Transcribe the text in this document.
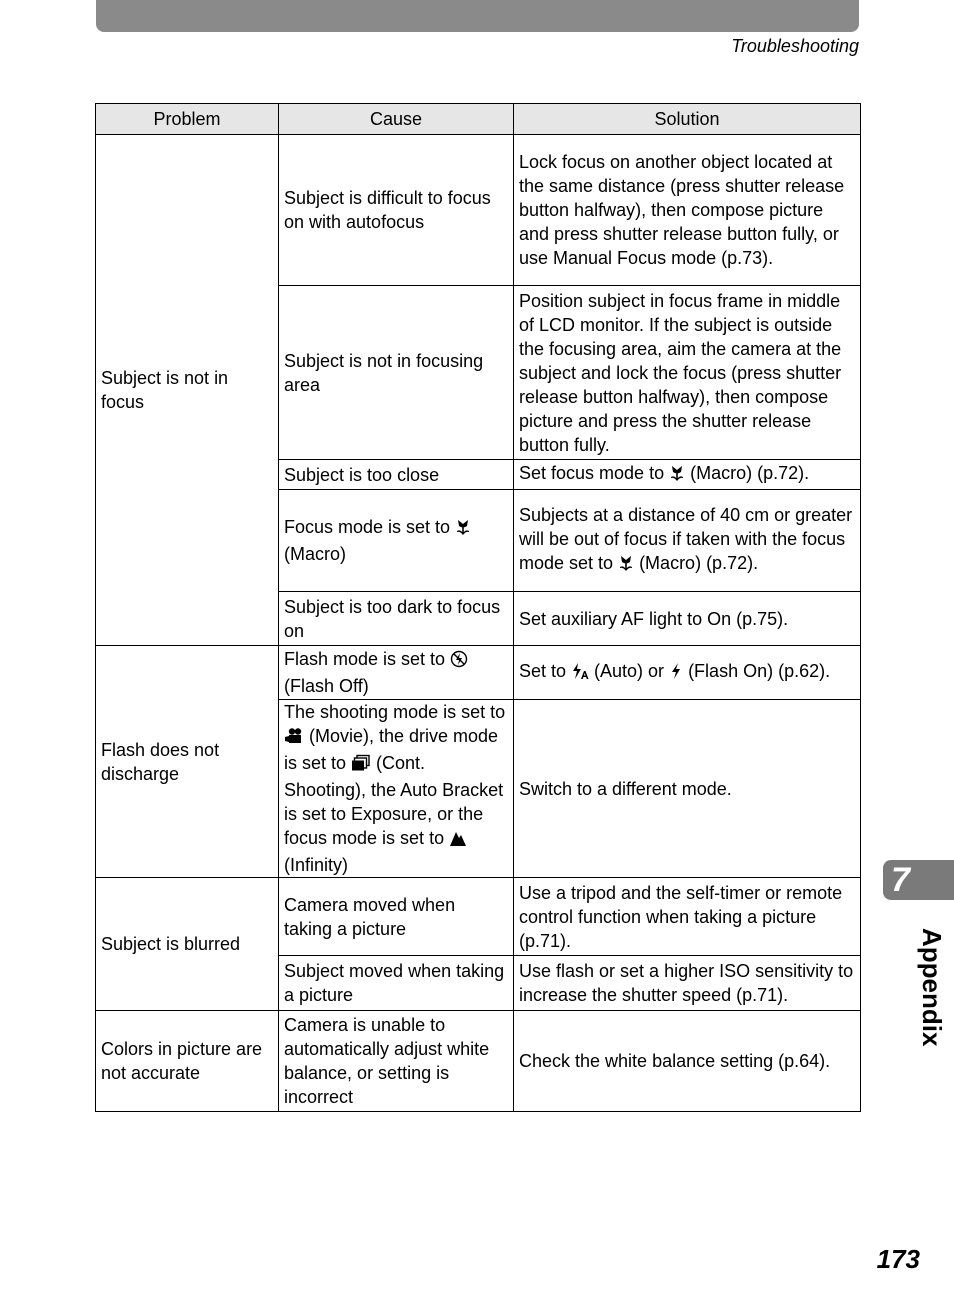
Troubleshooting
Problem	Cause	Solution
Subject is not in focus	Subject is difficult to focus on with autofocus	Lock focus on another object located at the same distance (press shutter release button halfway), then compose picture and press shutter release button fully, or use Manual Focus mode (p.73).
	Subject is not in focusing area	Position subject in focus frame in middle of LCD monitor. If the subject is outside the focusing area, aim the camera at the subject and lock the focus (press shutter release button halfway), then compose picture and press the shutter release button fully.
	Subject is too close	Set focus mode to  (Macro) (p.72).
	Focus mode is set to  (Macro)	Subjects at a distance of 40 cm or greater will be out of focus if taken with the focus mode set to  (Macro) (p.72).
	Subject is too dark to focus on	Set auxiliary AF light to On (p.75).
Flash does not discharge	Flash mode is set to  (Flash Off)	Set to  (Auto) or  (Flash On) (p.62).
	The shooting mode is set to  (Movie), the drive mode is set to  (Cont. Shooting), the Auto Bracket is set to Exposure, or the focus mode is set to  (Infinity)	Switch to a different mode.
Subject is blurred	Camera moved when taking a picture	Use a tripod and the self-timer or remote control function when taking a picture (p.71).
	Subject moved when taking a picture	Use flash or set a higher ISO sensitivity to increase the shutter speed (p.71).
Colors in picture are not accurate	Camera is unable to automatically adjust white balance, or setting is incorrect	Check the white balance setting (p.64).
7
Appendix
173
